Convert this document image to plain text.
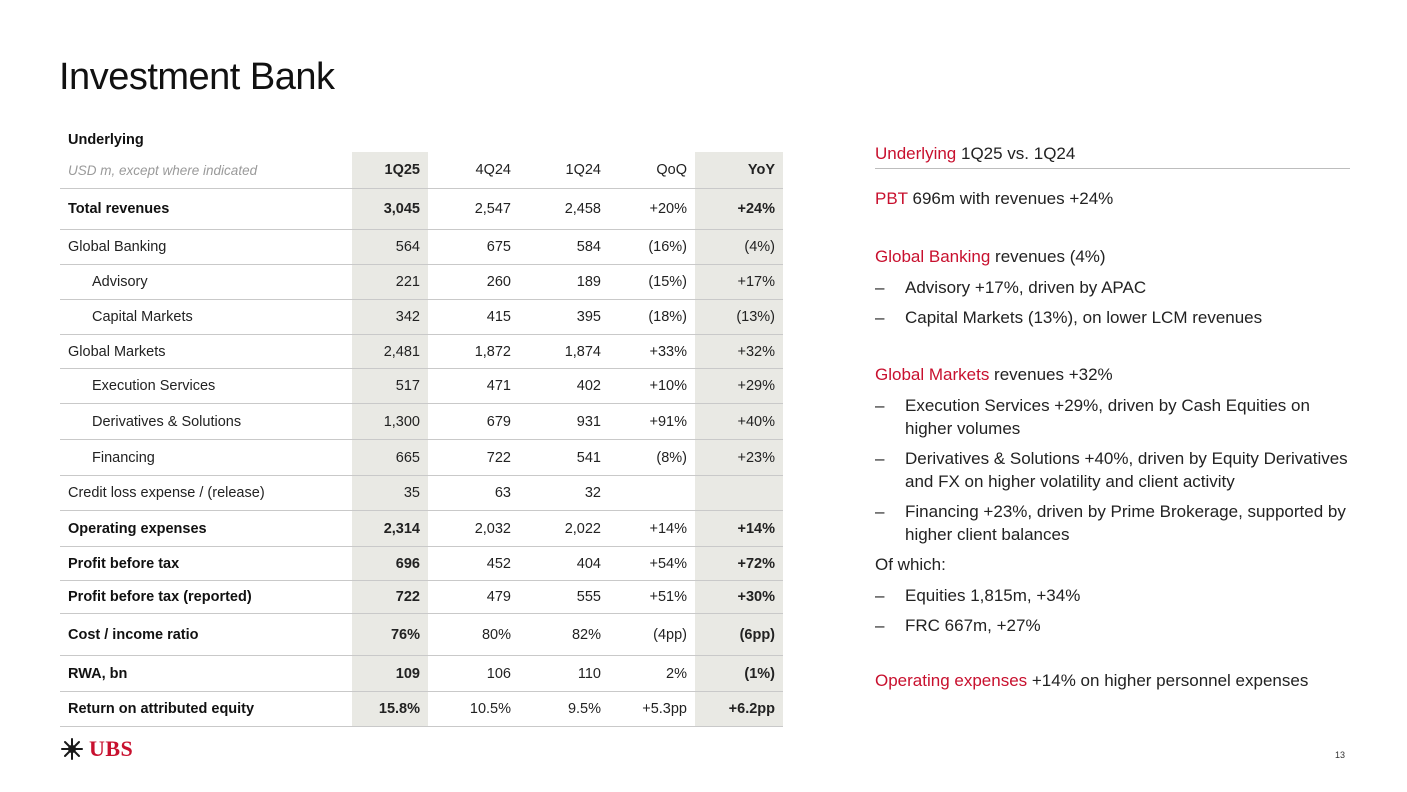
Investment Bank
Underlying					
USD m, except where indicated	1Q25	4Q24	1Q24	QoQ	YoY
Total revenues	3,045	2,547	2,458	+20%	+24%
Global Banking	564	675	584	(16%)	(4%)
Advisory	221	260	189	(15%)	+17%
Capital Markets	342	415	395	(18%)	(13%)
Global Markets	2,481	1,872	1,874	+33%	+32%
Execution Services	517	471	402	+10%	+29%
Derivatives & Solutions	1,300	679	931	+91%	+40%
Financing	665	722	541	(8%)	+23%
Credit loss expense / (release)	35	63	32		
Operating expenses	2,314	2,032	2,022	+14%	+14%
Profit before tax	696	452	404	+54%	+72%
Profit before tax (reported)	722	479	555	+51%	+30%
Cost / income ratio	76%	80%	82%	(4pp)	(6pp)
RWA, bn	109	106	110	2%	(1%)
Return on attributed equity	15.8%	10.5%	9.5%	+5.3pp	+6.2pp
Underlying 1Q25 vs. 1Q24
PBT 696m with revenues +24%
Global Banking revenues (4%)
–	Advisory +17%, driven by APAC
–	Capital Markets (13%), on lower LCM revenues
Global Markets revenues +32%
–	Execution Services +29%, driven by Cash Equities on higher volumes
–	Derivatives & Solutions +40%, driven by Equity Derivatives and FX on higher volatility and client activity
–	Financing +23%, driven by Prime Brokerage, supported by higher client balances
Of which:
–	Equities 1,815m, +34%
–	FRC 667m, +27%
Operating expenses +14% on higher personnel expenses
UBS	13
